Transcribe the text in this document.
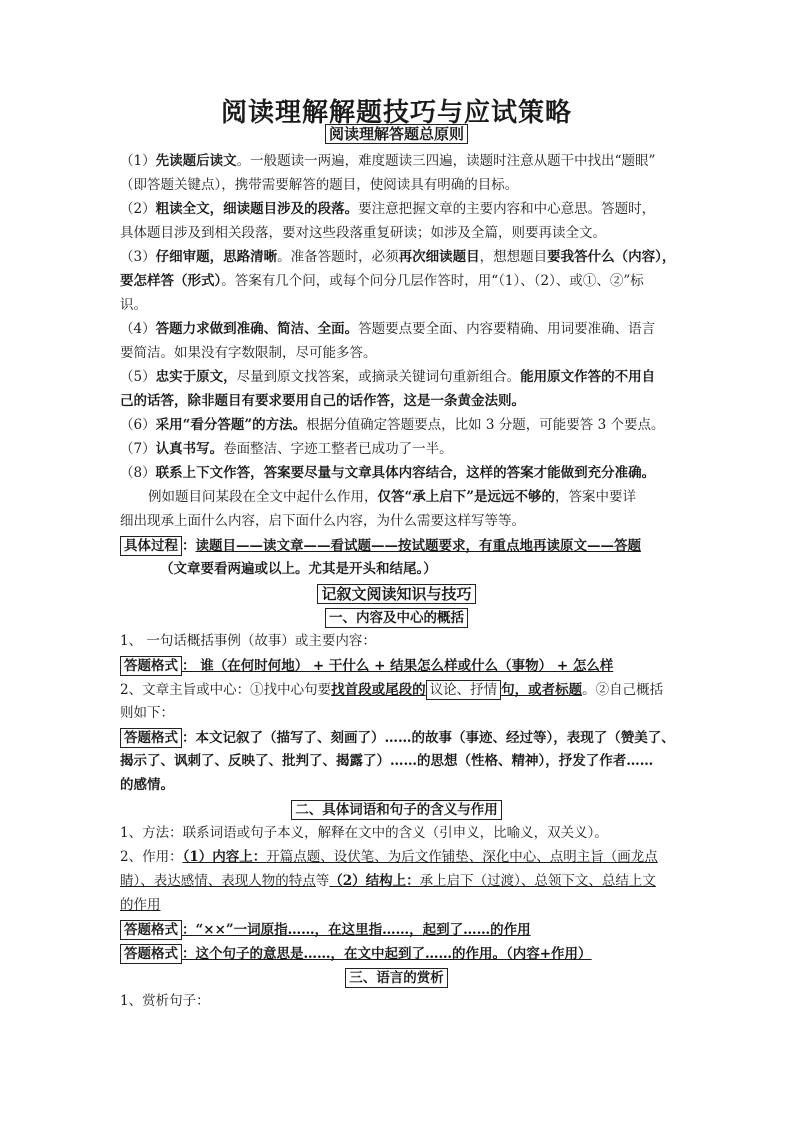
阅读理解解题技巧与应试策略
阅读理解答题总原则
（1）先读题后读文。一般题读一两遍，难度题读三四遍，读题时注意从题干中找出“题眼”
（即答题关键点），携带需要解答的题目，使阅读具有明确的目标。
（2）粗读全文，细读题目涉及的段落。要注意把握文章的主要内容和中心意思。答题时，
具体题目涉及到相关段落，要对这些段落重复研读；如涉及全篇，则要再读全文。
（3）仔细审题，思路清晰。准备答题时，必须再次细读题目，想想题目要我答什么（内容），
要怎样答（形式）。答案有几个问，或每个问分几层作答时，用“（1）、（2）、或①、②”标
识。
（4）答题力求做到准确、简洁、全面。答题要点要全面、内容要精确、用词要准确、语言
要简洁。如果没有字数限制，尽可能多答。
（5）忠实于原文，尽量到原文找答案，或摘录关键词句重新组合。能用原文作答的不用自
己的话答，除非题目有要求要用自己的话作答，这是一条黄金法则。
（6）采用“看分答题”的方法。根据分值确定答题要点，比如 3 分题，可能要答 3 个要点。
（7）认真书写。卷面整洁、字迹工整者已成功了一半。
（8）联系上下文作答，答案要尽量与文章具体内容结合，这样的答案才能做到充分准确。
例如题目问某段在全文中起什么作用，仅答“承上启下”是远远不够的，答案中要详
细出现承上面什么内容，启下面什么内容，为什么需要这样写等等。
具体过程 ：读题目——读文章——看试题——按试题要求，有重点地再读原文——答题
（文章要看两遍或以上。尤其是开头和结尾。）
记叙文阅读知识与技巧
一、内容及中心的概括
1、 一句话概括事例（故事）或主要内容：
答题格式 ： 谁（在何时何地） + 干什么 + 结果怎么样或什么（事物） + 怎么样
2、文章主旨或中心：①找中心句要找首段或尾段的 议论、抒情 句，或者标题。②自己概括
则如下：
答题格式 ：本文记叙了（描写了、刻画了）……的故事（事迹、经过等），表现了（赞美了、
揭示了、讽刺了、反映了、批判了、揭露了）……的思想（性格、精神），抒发了作者……
的感情。
二、具体词语和句子的含义与作用
1、方法：联系词语或句子本义，解释在文中的含义（引申义，比喻义，双关义）。
2、作用：（1）内容上：开篇点题、设伏笔、为后文作铺垫、深化中心、点明主旨（画龙点
睛）、表达感情、表现人物的特点等（2）结构上：承上启下（过渡）、总领下文、总结上文
的作用
答题格式 ：“××”一词原指……，在这里指……，起到了……的作用
答题格式 ：这个句子的意思是……，在文中起到了……的作用。（内容+作用）
三、语言的赏析
1、赏析句子：
